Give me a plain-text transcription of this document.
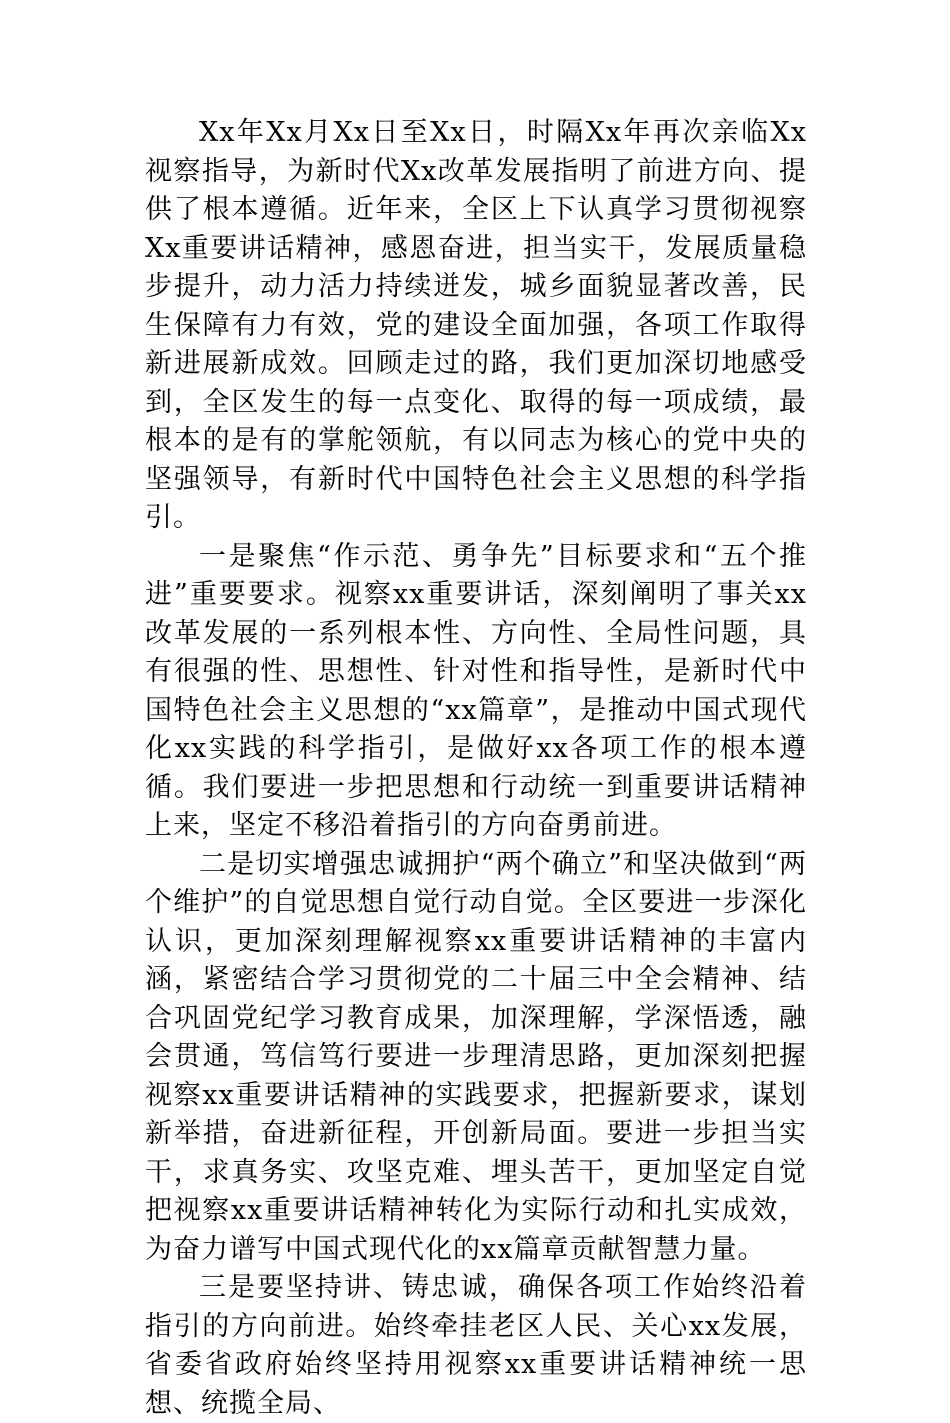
Xx年Xx月Xx日至Xx日，时隔Xx年再次亲临Xx视察指导，为新时代Xx改革发展指明了前进方向、提供了根本遵循。近年来，全区上下认真学习贯彻视察Xx重要讲话精神，感恩奋进，担当实干，发展质量稳步提升，动力活力持续迸发，城乡面貌显著改善，民生保障有力有效，党的建设全面加强，各项工作取得新进展新成效。回顾走过的路，我们更加深切地感受到，全区发生的每一点变化、取得的每一项成绩，最根本的是有的掌舵领航，有以同志为核心的党中央的坚强领导，有新时代中国特色社会主义思想的科学指引。

一是聚焦“作示范、勇争先”目标要求和“五个推进”重要要求。视察xx重要讲话，深刻阐明了事关xx改革发展的一系列根本性、方向性、全局性问题，具有很强的性、思想性、针对性和指导性，是新时代中国特色社会主义思想的“xx篇章”，是推动中国式现代化xx实践的科学指引，是做好xx各项工作的根本遵循。我们要进一步把思想和行动统一到重要讲话精神上来，坚定不移沿着指引的方向奋勇前进。

二是切实增强忠诚拥护“两个确立”和坚决做到“两个维护”的自觉思想自觉行动自觉。全区要进一步深化认识，更加深刻理解视察xx重要讲话精神的丰富内涵，紧密结合学习贯彻党的二十届三中全会精神、结合巩固党纪学习教育成果，加深理解，学深悟透，融会贯通，笃信笃行要进一步理清思路，更加深刻把握视察xx重要讲话精神的实践要求，把握新要求，谋划新举措，奋进新征程，开创新局面。要进一步担当实干，求真务实、攻坚克难、埋头苦干，更加坚定自觉把视察xx重要讲话精神转化为实际行动和扎实成效，为奋力谱写中国式现代化的xx篇章贡献智慧力量。

三是要坚持讲、铸忠诚，确保各项工作始终沿着指引的方向前进。始终牵挂老区人民、关心xx发展，省委省政府始终坚持用视察xx重要讲话精神统一思想、统揽全局、
